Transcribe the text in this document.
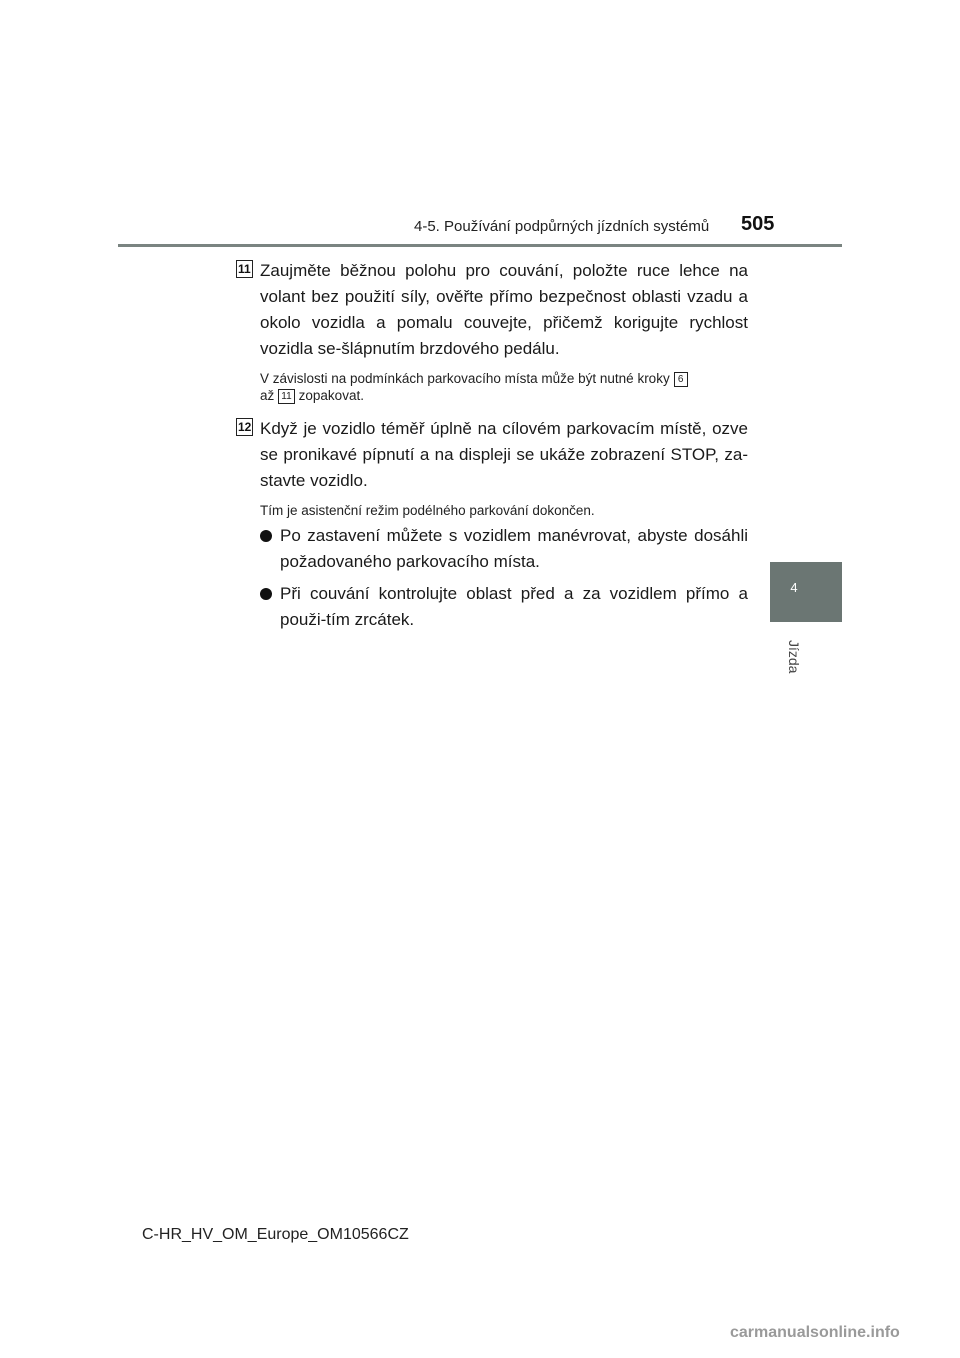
4-5. Používání podpůrných jízdních systémů 505
4
Jízda
11 Zaujměte běžnou polohu pro couvání, položte ruce lehce na volant bez použití síly, ověřte přímo bezpečnost oblasti vzadu a okolo vozidla a pomalu couvejte, přičemž korigujte rychlost vozidla se-šlápnutím brzdového pedálu.

V závislosti na podmínkách parkovacího místa může být nutné kroky 6
až 11 zopakovat.

12 Když je vozidlo téměř úplně na cílovém parkovacím místě, ozve se pronikavé pípnutí a na displeji se ukáže zobrazení STOP, za-stavte vozidlo.

Tím je asistenční režim podélného parkování dokončen.

Po zastavení můžete s vozidlem manévrovat, abyste dosáhli požadovaného parkovacího místa.

Při couvání kontrolujte oblast před a za vozidlem přímo a použi-tím zrcátek.

C-HR_HV_OM_Europe_OM10566CZ
carmanualsonline.info
